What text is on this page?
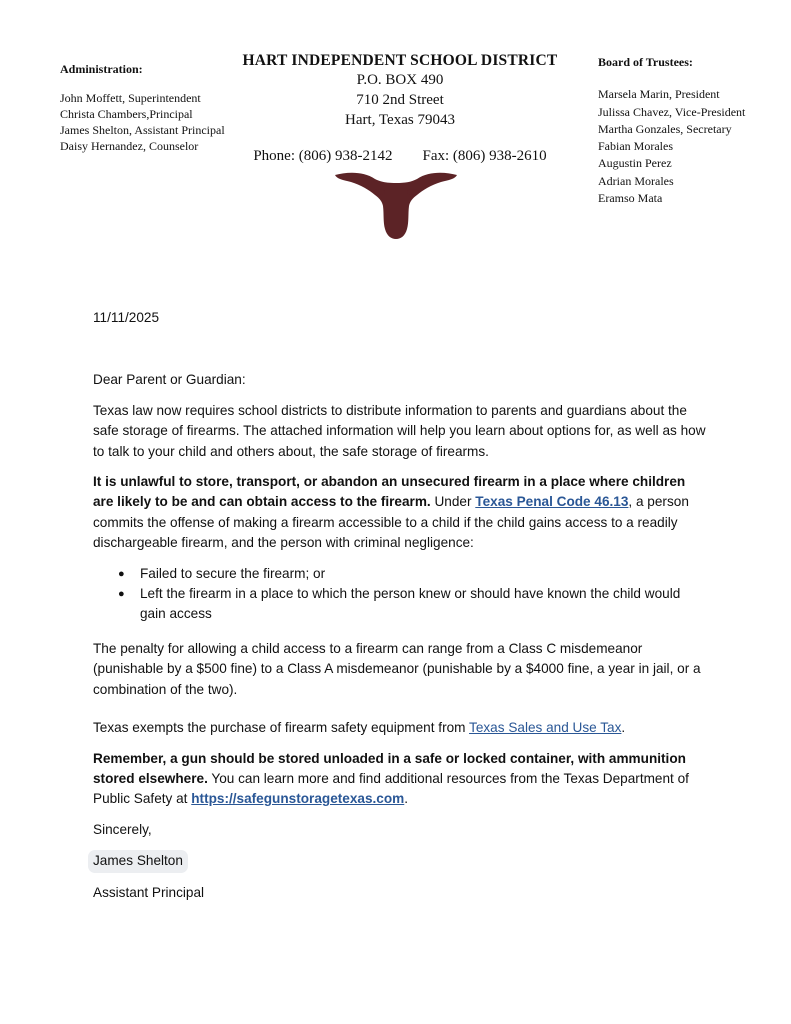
Administration:
John Moffett, Superintendent
Christa Chambers,Principal
James Shelton, Assistant Principal
Daisy Hernandez, Counselor
HART INDEPENDENT SCHOOL DISTRICT
P.O. BOX 490
710 2nd Street
Hart, Texas 79043
Phone: (806) 938-2142 Fax: (806) 938-2610
Board of Trustees:
Marsela Marin, President
Julissa Chavez, Vice-President
Martha Gonzales, Secretary
Fabian Morales
Augustin Perez
Adrian Morales
Eramso Mata

11/11/2025

Dear Parent or Guardian:

Texas law now requires school districts to distribute information to parents and guardians about the safe storage of firearms. The attached information will help you learn about options for, as well as how to talk to your child and others about, the safe storage of firearms.

It is unlawful to store, transport, or abandon an unsecured firearm in a place where children are likely to be and can obtain access to the firearm. Under Texas Penal Code 46.13, a person commits the offense of making a firearm accessible to a child if the child gains access to a readily dischargeable firearm, and the person with criminal negligence:

● Failed to secure the firearm; or
● Left the firearm in a place to which the person knew or should have known the child would gain access

The penalty for allowing a child access to a firearm can range from a Class C misdemeanor (punishable by a $500 fine) to a Class A misdemeanor (punishable by a $4000 fine, a year in jail, or a combination of the two).

Texas exempts the purchase of firearm safety equipment from Texas Sales and Use Tax.

Remember, a gun should be stored unloaded in a safe or locked container, with ammunition stored elsewhere. You can learn more and find additional resources from the Texas Department of Public Safety at https://safegunstoragetexas.com.

Sincerely,

James Shelton

Assistant Principal
